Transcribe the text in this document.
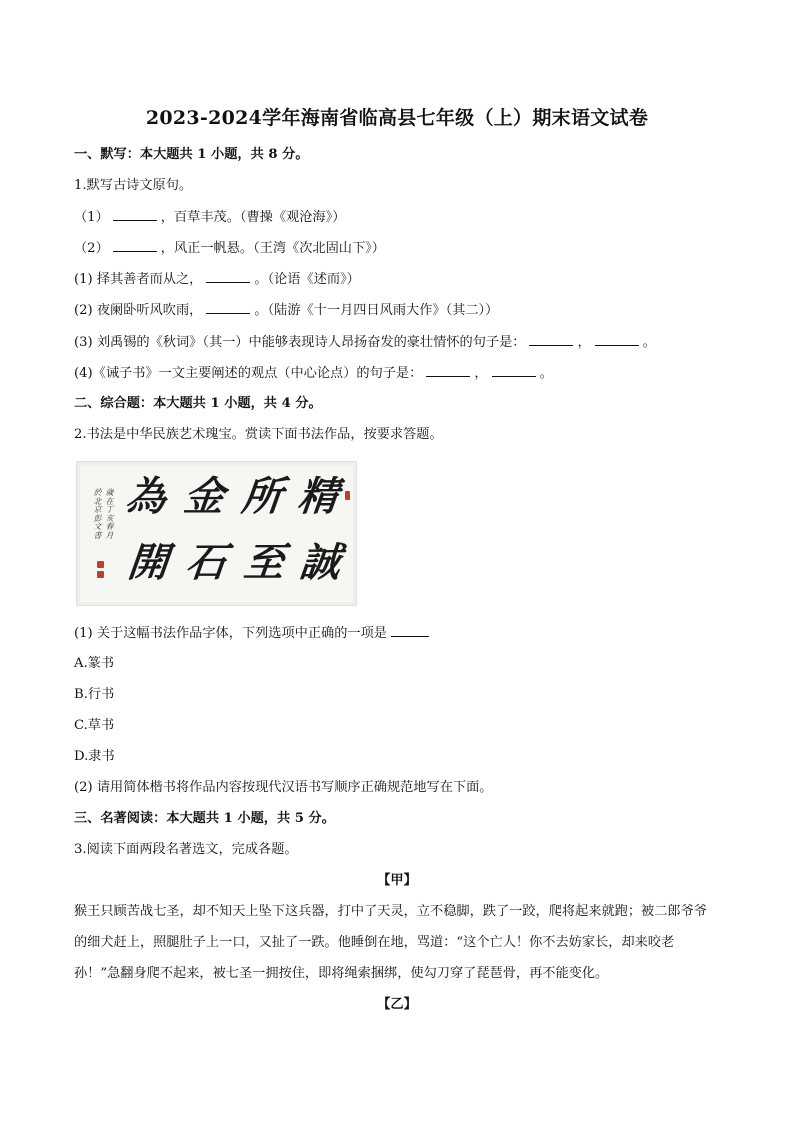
2023-2024学年海南省临高县七年级（上）期末语文试卷
一、默写：本大题共 1 小题，共 8 分。
1.默写古诗文原句。
（1）	，百草丰茂。（曹操《观沧海》）
（2）	，风正一帆悬。（王湾《次北固山下》）
(1) 择其善者而从之，	。（论语《述而》）
(2) 夜阑卧听风吹雨，	。（陆游《十一月四日风雨大作》（其二））
(3) 刘禹锡的《秋词》（其一）中能够表现诗人昂扬奋发的豪壮情怀的句子是：	，	。
(4)《诫子书》一文主要阐述的观点（中心论点）的句子是：	，	。
二、综合题：本大题共 1 小题，共 4 分。
2.书法是中华民族艺术瑰宝。赏读下面书法作品，按要求答题。
精
誠
所
至
金
石
為
開
歲在丁亥春月
於北京彭文書
(1) 关于这幅书法作品字体，下列选项中正确的一项是
A.篆书
B.行书
C.草书
D.隶书
(2) 请用简体楷书将作品内容按现代汉语书写顺序正确规范地写在下面。
三、名著阅读：本大题共 1 小题，共 5 分。
3.阅读下面两段名著选文，完成各题。
【甲】
猴王只顾苦战七圣，却不知天上坠下这兵器，打中了天灵，立不稳脚，跌了一跤，爬将起来就跑；被二郎爷爷的细犬赶上，照腿肚子上一口，又扯了一跌。他睡倒在地，骂道：“这个亡人！你不去妨家长，却来咬老孙！”急翻身爬不起来，被七圣一拥按住，即将绳索捆绑，使勾刀穿了琵琶骨，再不能变化。
【乙】
